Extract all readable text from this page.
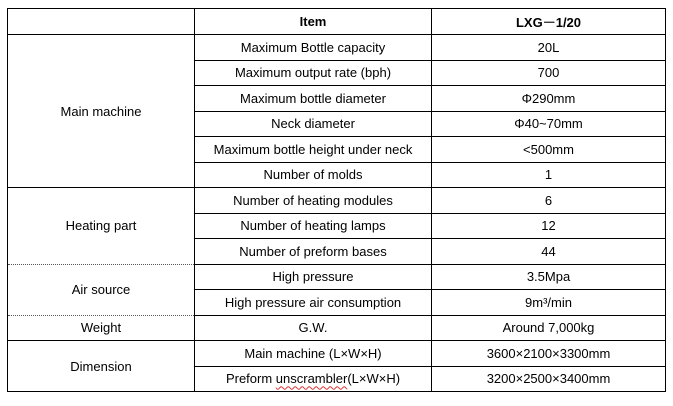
	Item	LXG－1/20
Main machine	Maximum Bottle capacity	20L
	Maximum output rate (bph)	700
	Maximum bottle diameter	Φ290mm
	Neck diameter	Φ40~70mm
	Maximum bottle height under neck	<500mm
	Number of molds	1
Heating part	Number of heating modules	6
	Number of heating lamps	12
	Number of preform bases	44
Air source	High pressure	3.5Mpa
	High pressure air consumption	9m³/min
Weight	G.W.	Around 7,000kg
Dimension	Main machine (L×W×H)	3600×2100×3300mm
	Preform unscrambler(L×W×H)	3200×2500×3400mm
